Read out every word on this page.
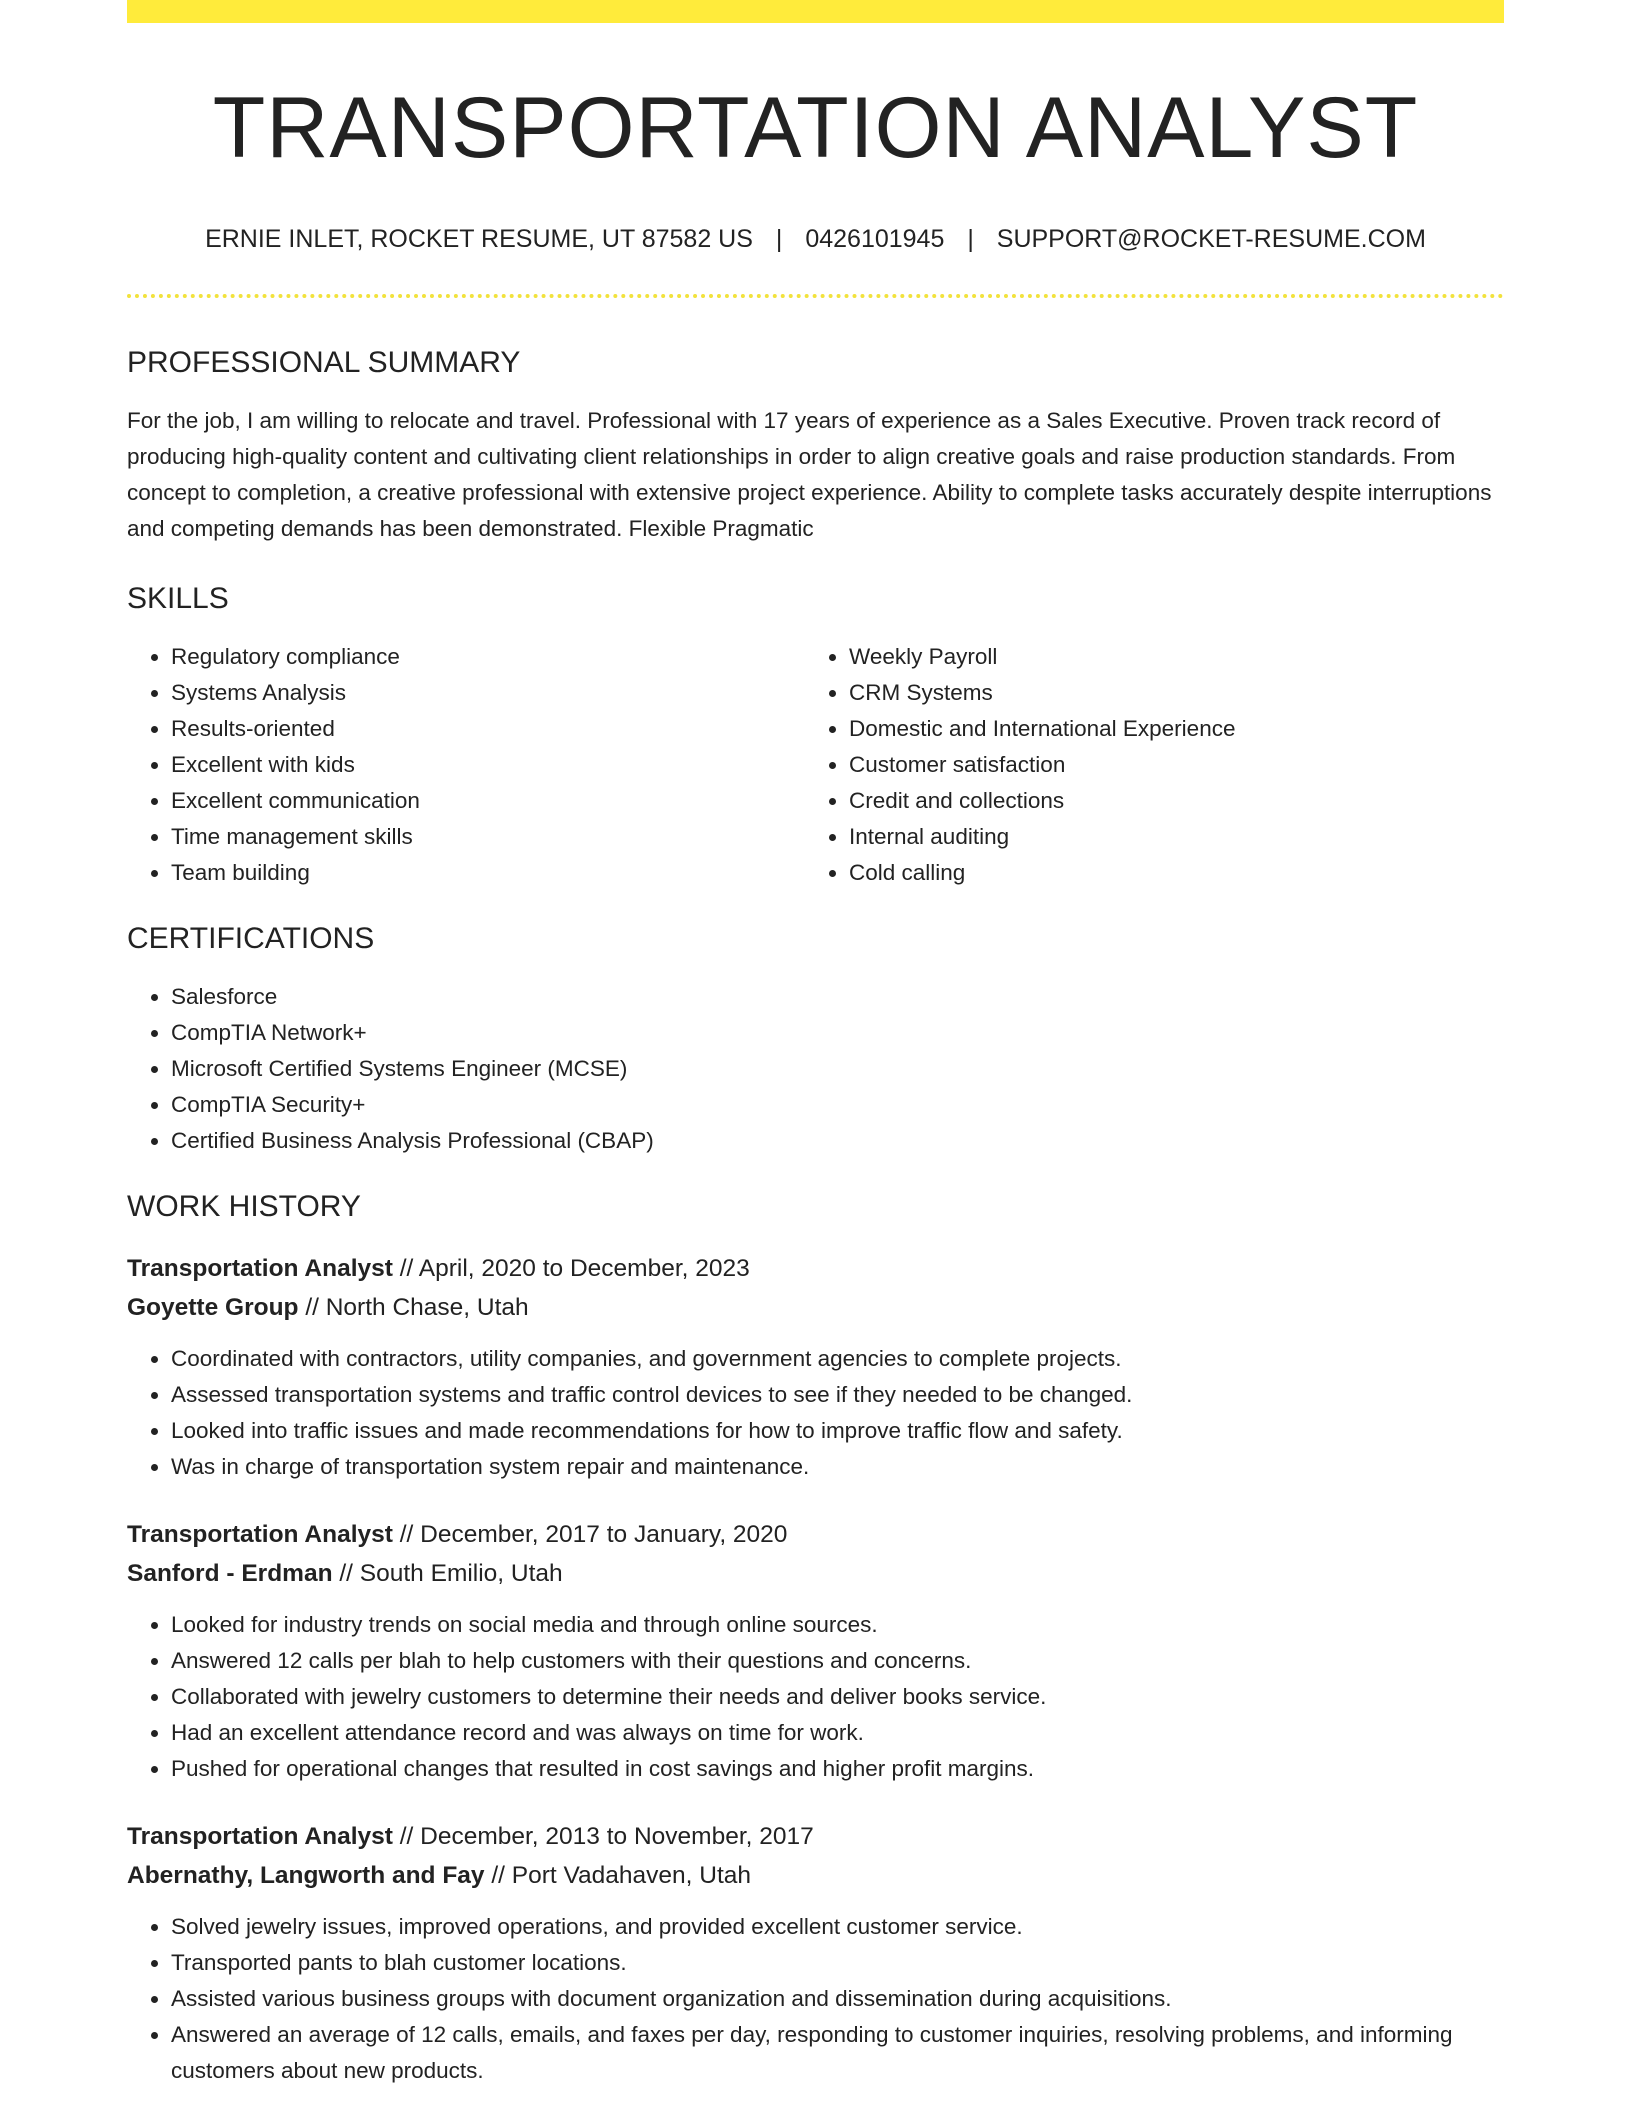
TRANSPORTATION ANALYST
ERNIE INLET, ROCKET RESUME, UT 87582 US | 0426101945 | SUPPORT@ROCKET-RESUME.COM
PROFESSIONAL SUMMARY
For the job, I am willing to relocate and travel. Professional with 17 years of experience as a Sales Executive. Proven track record of producing high-quality content and cultivating client relationships in order to align creative goals and raise production standards. From concept to completion, a creative professional with extensive project experience. Ability to complete tasks accurately despite interruptions and competing demands has been demonstrated. Flexible Pragmatic
SKILLS
• Regulatory compliance
• Systems Analysis
• Results-oriented
• Excellent with kids
• Excellent communication
• Time management skills
• Team building
• Weekly Payroll
• CRM Systems
• Domestic and International Experience
• Customer satisfaction
• Credit and collections
• Internal auditing
• Cold calling
CERTIFICATIONS
• Salesforce
• CompTIA Network+
• Microsoft Certified Systems Engineer (MCSE)
• CompTIA Security+
• Certified Business Analysis Professional (CBAP)
WORK HISTORY
Transportation Analyst // April, 2020 to December, 2023
Goyette Group // North Chase, Utah
• Coordinated with contractors, utility companies, and government agencies to complete projects.
• Assessed transportation systems and traffic control devices to see if they needed to be changed.
• Looked into traffic issues and made recommendations for how to improve traffic flow and safety.
• Was in charge of transportation system repair and maintenance.
Transportation Analyst // December, 2017 to January, 2020
Sanford - Erdman // South Emilio, Utah
• Looked for industry trends on social media and through online sources.
• Answered 12 calls per blah to help customers with their questions and concerns.
• Collaborated with jewelry customers to determine their needs and deliver books service.
• Had an excellent attendance record and was always on time for work.
• Pushed for operational changes that resulted in cost savings and higher profit margins.
Transportation Analyst // December, 2013 to November, 2017
Abernathy, Langworth and Fay // Port Vadahaven, Utah
• Solved jewelry issues, improved operations, and provided excellent customer service.
• Transported pants to blah customer locations.
• Assisted various business groups with document organization and dissemination during acquisitions.
• Answered an average of 12 calls, emails, and faxes per day, responding to customer inquiries, resolving problems, and informing customers about new products.
